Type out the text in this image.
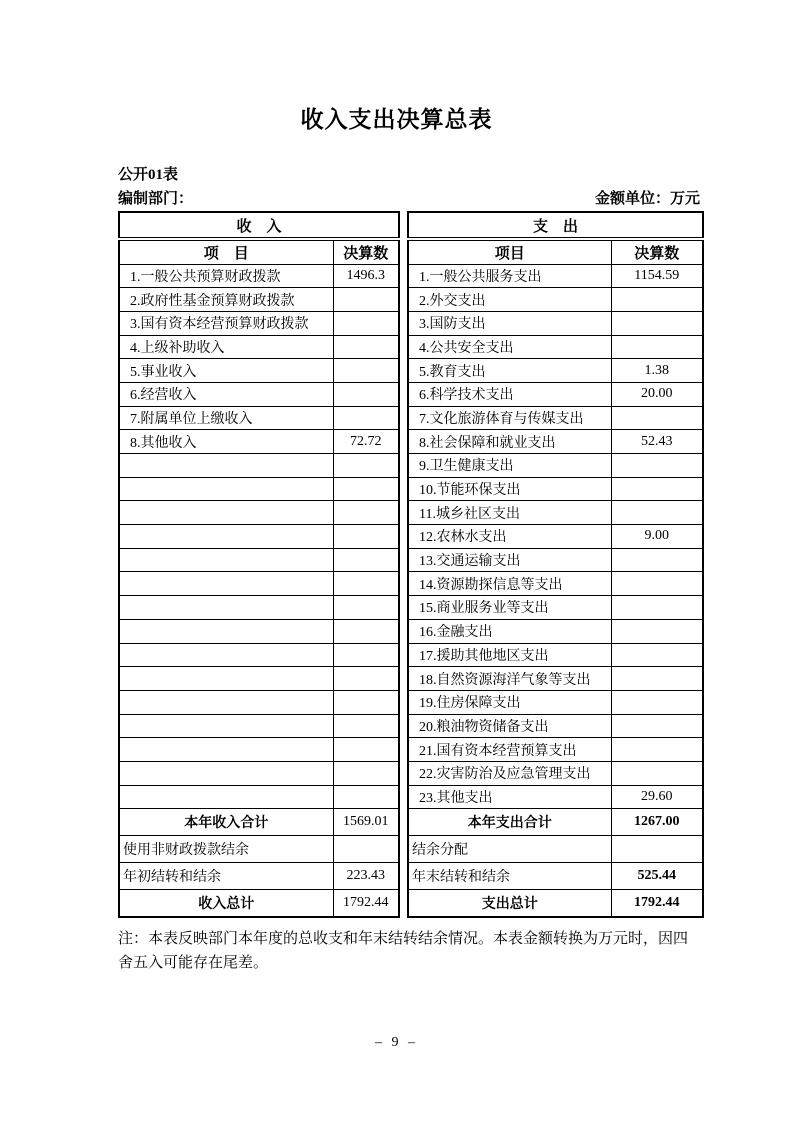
收入支出决算总表
公开01表
编制部门：	金额单位：万元
收　入	
项　目	决算数
1.一般公共预算财政拨款	1496.3
2.政府性基金预算财政拨款	
3.国有资本经营预算财政拨款	
4.上级补助收入	
5.事业收入	
6.经营收入	
7.附属单位上缴收入	
8.其他收入	72.72

本年收入合计	1569.01
使用非财政拨款结余	
年初结转和结余	223.43
收入总计	1792.44
支　出	
项目	决算数
1.一般公共服务支出	1154.59
2.外交支出	
3.国防支出	
4.公共安全支出	
5.教育支出	1.38
6.科学技术支出	20.00
7.文化旅游体育与传媒支出	
8.社会保障和就业支出	52.43
9.卫生健康支出	
10.节能环保支出	
11.城乡社区支出	
12.农林水支出	9.00
13.交通运输支出	
14.资源勘探信息等支出	
15.商业服务业等支出	
16.金融支出	
17.援助其他地区支出	
18.自然资源海洋气象等支出	
19.住房保障支出	
20.粮油物资储备支出	
21.国有资本经营预算支出	
22.灾害防治及应急管理支出	
23.其他支出	29.60
本年支出合计	1267.00
结余分配	
年末结转和结余	525.44
支出总计	1792.44

注：本表反映部门本年度的总收支和年末结转结余情况。本表金额转换为万元时，因四舍五入可能存在尾差。

– 9 –
